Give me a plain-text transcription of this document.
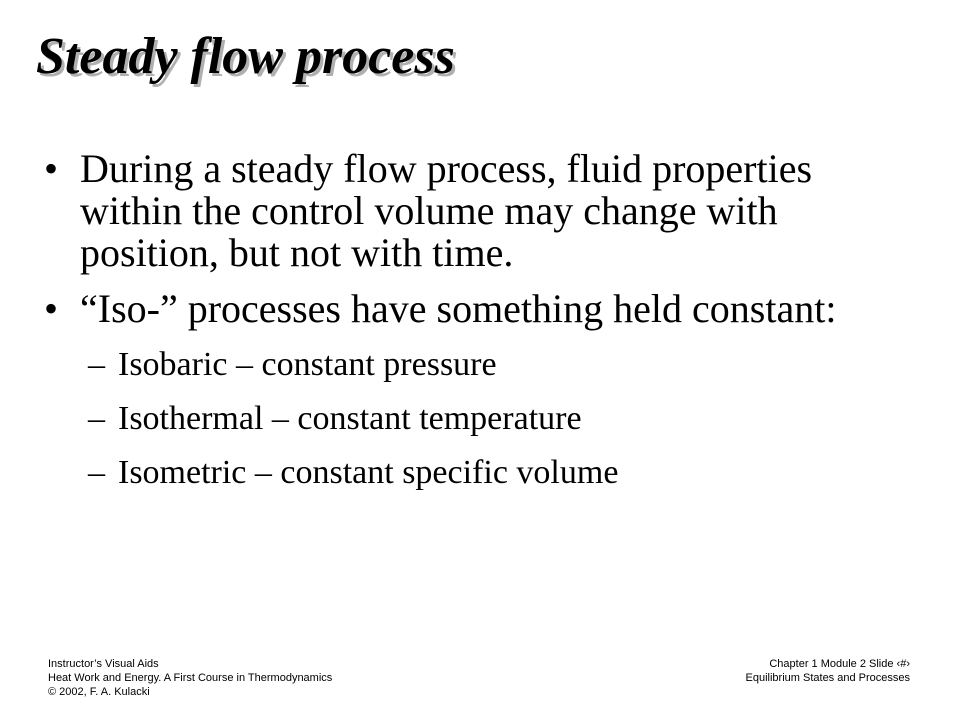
Steady flow process
• During a steady flow process, fluid properties within the control volume may change with position, but not with time.
• “Iso-” processes have something held constant:
– Isobaric – constant pressure
– Isothermal – constant temperature
– Isometric – constant specific volume
Instructor’s Visual Aids
Heat Work and Energy. A First Course in Thermodynamics
© 2002, F. A. Kulacki
Chapter 1 Module 2 Slide ‹#›
Equilibrium States and Processes
